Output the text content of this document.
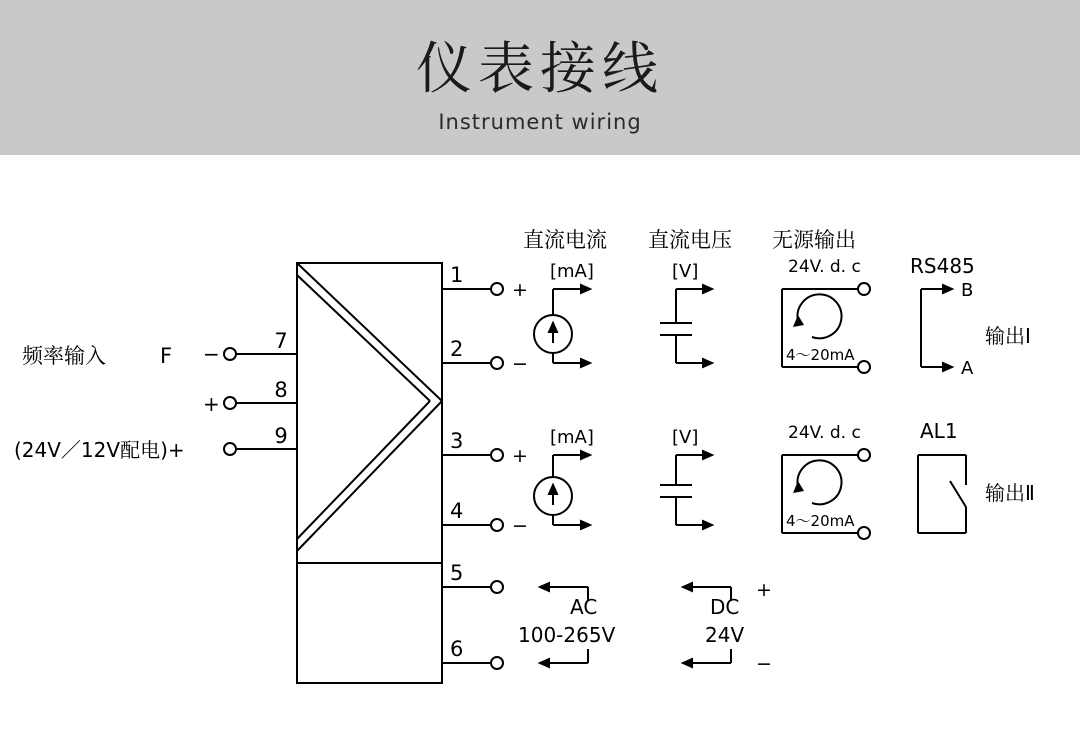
仪表接线
Instrument wiring
频率输入	F −
+
(24V／12V配电)+
7
8
9
1
2
3
4
5
6
+
−
+
−
直流电流 直流电压 无源输出
[mA]
[mA]
[V]
[V]
24V. d. c
4～20mA
24V. d. c
4～20mA
RS485
B
A
输出Ⅰ
AL1
输出Ⅱ
AC
100-265V
DC
24V
+
−
